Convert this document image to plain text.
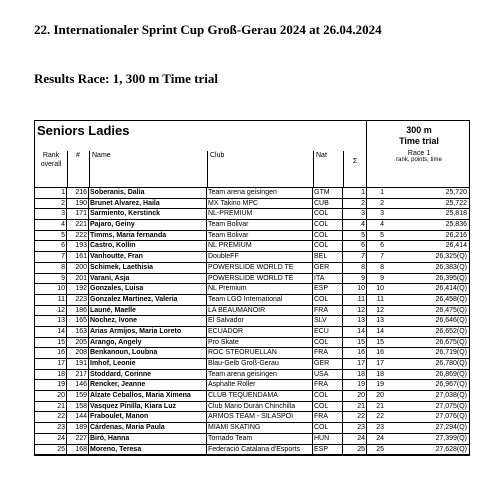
22. Internationaler Sprint Cup Groß-Gerau 2024 at 26.04.2024
Results Race: 1, 300 m Time trial
Seniors Ladies
Rank overall
#	Name	Club	Nat
Σ
300 m
Time trial
Race 1
rank, points, time
1	216 Soberanis, Dalia	Team arena geisingen	GTM	1	1	25,720
2	190 Brunet Alvarez, Haila	MX Takino MPC	CUB	2	2	25,722
3	171 Sarmiento, Kerstinck	NL-PREMIUM	COL	3	3	25,818
4	221 Pajaro, Geiny	Team Bolivar	COL	4	4	25,836
5	222 Timms, Maria fernanda	Team Bolivar	COL	5	5	26,216
6	193 Castro, Kollin	NL PREMIUM	COL	6	6	26,414
7	161 Vanhoutte, Fran	DoubleFF	BEL	7	7	26,325(Q)
8	200 Schimek, Laethisia	POWERSLIDE WORLD TE	GER	8	8	26,383(Q)
9	201 Varani, Asja	POWERSLIDE WORLD TE	ITA	9	9	26,395(Q)
10	192 Gonzales, Luisa	NL Premium	ESP	10	10	26,414(Q)
11	223 Gonzalez Martinez, Valeria	Team LGO International	COL	11	11	26,458(Q)
12	186 Launé, Maelle	LA BEAUMANOIR	FRA	12	12	26,475(Q)
13	165 Nochez, Ivone	El Salvador	SLV	13	13	26,646(Q)
14	163 Arias Armijos, Maria Loreto	ECUADOR	ECU	14	14	26,652(Q)
15	205 Arango, Angely	Pro Skate	COL	15	15	26,675(Q)
16	208 Benkanoun, Loubna	ROC STEORUELLAN	FRA	16	16	26,719(Q)
17	191 Imhof, Leonie	Blau-Gelb Groß-Gerau	GER	17	17	26,780(Q)
18	217 Stoddard, Corinne	Team arena geisingen	USA	18	18	26,869(Q)
19	146 Rencker, Jeanne	Asphalte Roller	FRA	19	19	26,967(Q)
20	159 Alzate Ceballos, Maria Ximena	CLUB TEQUENDAMA	COL	20	20	27,038(Q)
21	158 Vasquez Pinilla, Kiara Luz	Club Mario Durán Chinchilla	COL	21	21	27,075(Q)
22	144 Fraboulet, Manon	ARMOS TEAM - SILASPOI	FRA	22	22	27,076(Q)
23	189 Cárdenas, Maria Paula	MIAMI SKATING	COL	23	23	27,294(Q)
24	227 Biró, Hanna	Tornado Team	HUN	24	24	27,399(Q)
25	168 Moreno, Teresa	Federació Catalana d'Esports	ESP	25	25	27,628(Q)
